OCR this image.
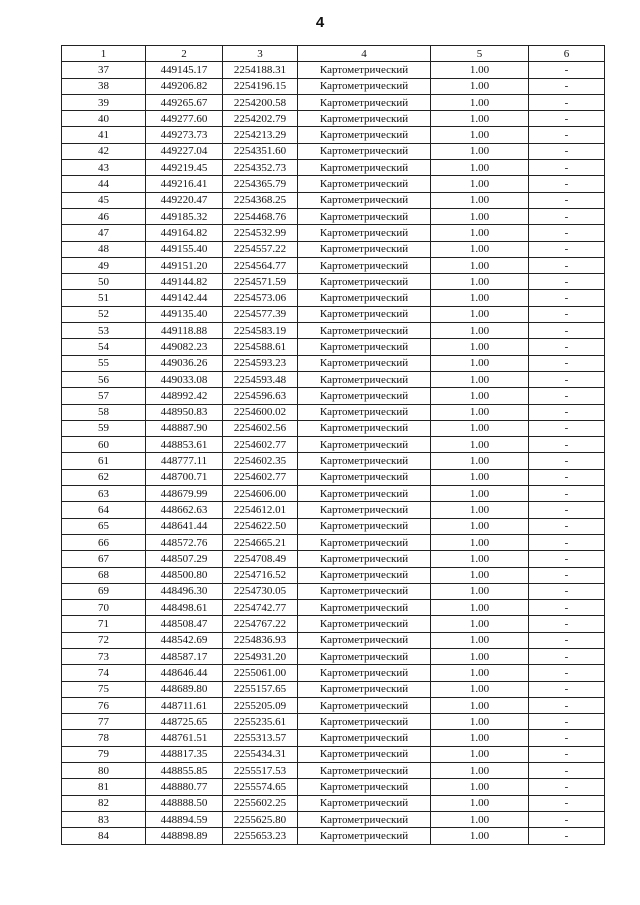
4
1	2	3	4	5	6
37	449145.17	2254188.31	Картометрический	1.00	-
38	449206.82	2254196.15	Картометрический	1.00	-
39	449265.67	2254200.58	Картометрический	1.00	-
40	449277.60	2254202.79	Картометрический	1.00	-
41	449273.73	2254213.29	Картометрический	1.00	-
42	449227.04	2254351.60	Картометрический	1.00	-
43	449219.45	2254352.73	Картометрический	1.00	-
44	449216.41	2254365.79	Картометрический	1.00	-
45	449220.47	2254368.25	Картометрический	1.00	-
46	449185.32	2254468.76	Картометрический	1.00	-
47	449164.82	2254532.99	Картометрический	1.00	-
48	449155.40	2254557.22	Картометрический	1.00	-
49	449151.20	2254564.77	Картометрический	1.00	-
50	449144.82	2254571.59	Картометрический	1.00	-
51	449142.44	2254573.06	Картометрический	1.00	-
52	449135.40	2254577.39	Картометрический	1.00	-
53	449118.88	2254583.19	Картометрический	1.00	-
54	449082.23	2254588.61	Картометрический	1.00	-
55	449036.26	2254593.23	Картометрический	1.00	-
56	449033.08	2254593.48	Картометрический	1.00	-
57	448992.42	2254596.63	Картометрический	1.00	-
58	448950.83	2254600.02	Картометрический	1.00	-
59	448887.90	2254602.56	Картометрический	1.00	-
60	448853.61	2254602.77	Картометрический	1.00	-
61	448777.11	2254602.35	Картометрический	1.00	-
62	448700.71	2254602.77	Картометрический	1.00	-
63	448679.99	2254606.00	Картометрический	1.00	-
64	448662.63	2254612.01	Картометрический	1.00	-
65	448641.44	2254622.50	Картометрический	1.00	-
66	448572.76	2254665.21	Картометрический	1.00	-
67	448507.29	2254708.49	Картометрический	1.00	-
68	448500.80	2254716.52	Картометрический	1.00	-
69	448496.30	2254730.05	Картометрический	1.00	-
70	448498.61	2254742.77	Картометрический	1.00	-
71	448508.47	2254767.22	Картометрический	1.00	-
72	448542.69	2254836.93	Картометрический	1.00	-
73	448587.17	2254931.20	Картометрический	1.00	-
74	448646.44	2255061.00	Картометрический	1.00	-
75	448689.80	2255157.65	Картометрический	1.00	-
76	448711.61	2255205.09	Картометрический	1.00	-
77	448725.65	2255235.61	Картометрический	1.00	-
78	448761.51	2255313.57	Картометрический	1.00	-
79	448817.35	2255434.31	Картометрический	1.00	-
80	448855.85	2255517.53	Картометрический	1.00	-
81	448880.77	2255574.65	Картометрический	1.00	-
82	448888.50	2255602.25	Картометрический	1.00	-
83	448894.59	2255625.80	Картометрический	1.00	-
84	448898.89	2255653.23	Картометрический	1.00	-
